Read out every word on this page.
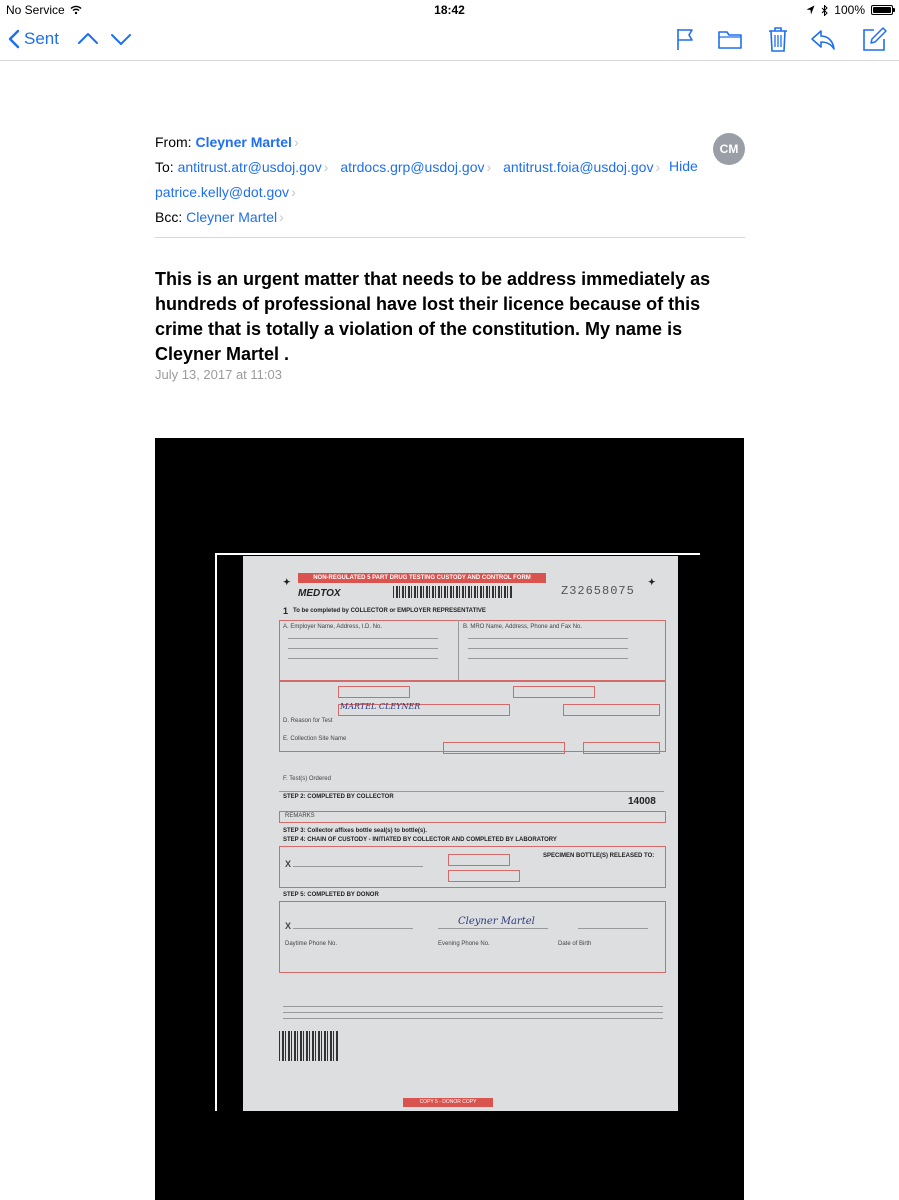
No Service	18:42	100%
Sent
From: Cleyner Martel ›
To: antitrust.atr@usdoj.gov › atrdocs.grp@usdoj.gov › antitrust.foia@usdoj.gov ›
patrice.kelly@dot.gov ›
Bcc: Cleyner Martel ›
CM
Hide
This is an urgent matter that needs to be address immediately as hundreds of professional have lost their licence because of this crime that is totally a violation of the constitution. My name is Cleyner Martel .
July 13, 2017 at 11:03
✦	✦
NON-REGULATED 5 PART DRUG TESTING CUSTODY AND CONTROL FORM
MEDTOX	Z32658075
1 To be completed by COLLECTOR or EMPLOYER REPRESENTATIVE
A. Employer Name, Address, I.D. No.	B. MRO Name, Address, Phone and Fax No.
MARTEL CLEYNER
D. Reason for Test
E. Collection Site Name
F. Test(s) Ordered
STEP 2: COMPLETED BY COLLECTOR	14008
REMARKS
STEP 3: Collector affixes bottle seal(s) to bottle(s).
STEP 4: CHAIN OF CUSTODY - INITIATED BY COLLECTOR AND COMPLETED BY LABORATORY
X
SPECIMEN BOTTLE(S) RELEASED TO:
STEP 5: COMPLETED BY DONOR
X	Cleyner Martel
Daytime Phone No.	Evening Phone No.	Date of Birth
COPY 5 - DONOR COPY
